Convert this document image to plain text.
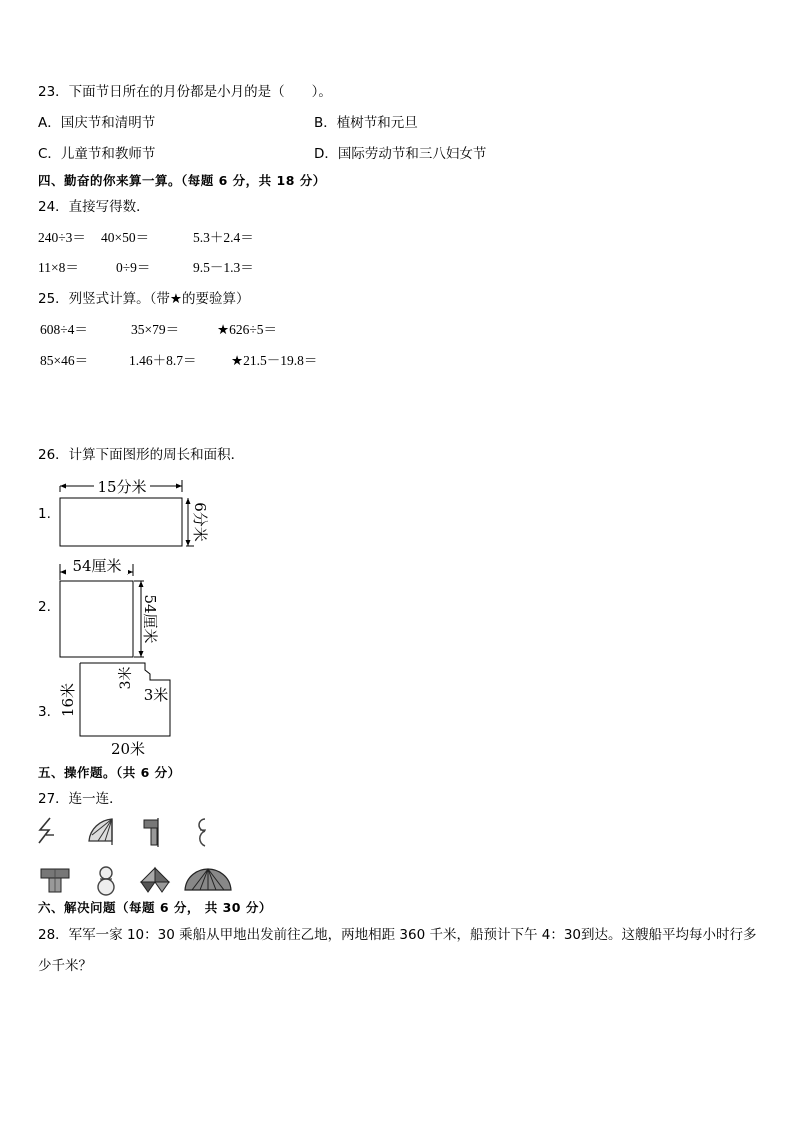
23．下面节日所在的月份都是小月的是（　　）。
A．国庆节和清明节	B．植树节和元旦
C．儿童节和教师节	D．国际劳动节和三八妇女节
四、勤奋的你来算一算。（每题 6 分，共 18 分）
24．直接写得数．
240÷3＝ 40×50＝	5.3＋2.4＝
11×8＝	0÷9＝	9.5－1.3＝
25．列竖式计算。（带★的要验算）
608÷4＝	35×79＝	★626÷5＝
85×46＝	1.46＋8.7＝	★21.5－19.8＝
26．计算下面图形的周长和面积．
1.
15分米
6分米
2.
54厘米
54厘米
3. 16米
3米
3米
20米
五、操作题。（共 6 分）
27．连一连．
六、解决问题（每题 6 分， 共 30 分）
28．军军一家 10：30 乘船从甲地出发前往乙地，两地相距 360 千米，船预计下午 4：30到达。这艘船平均每小时行多
少千米？
